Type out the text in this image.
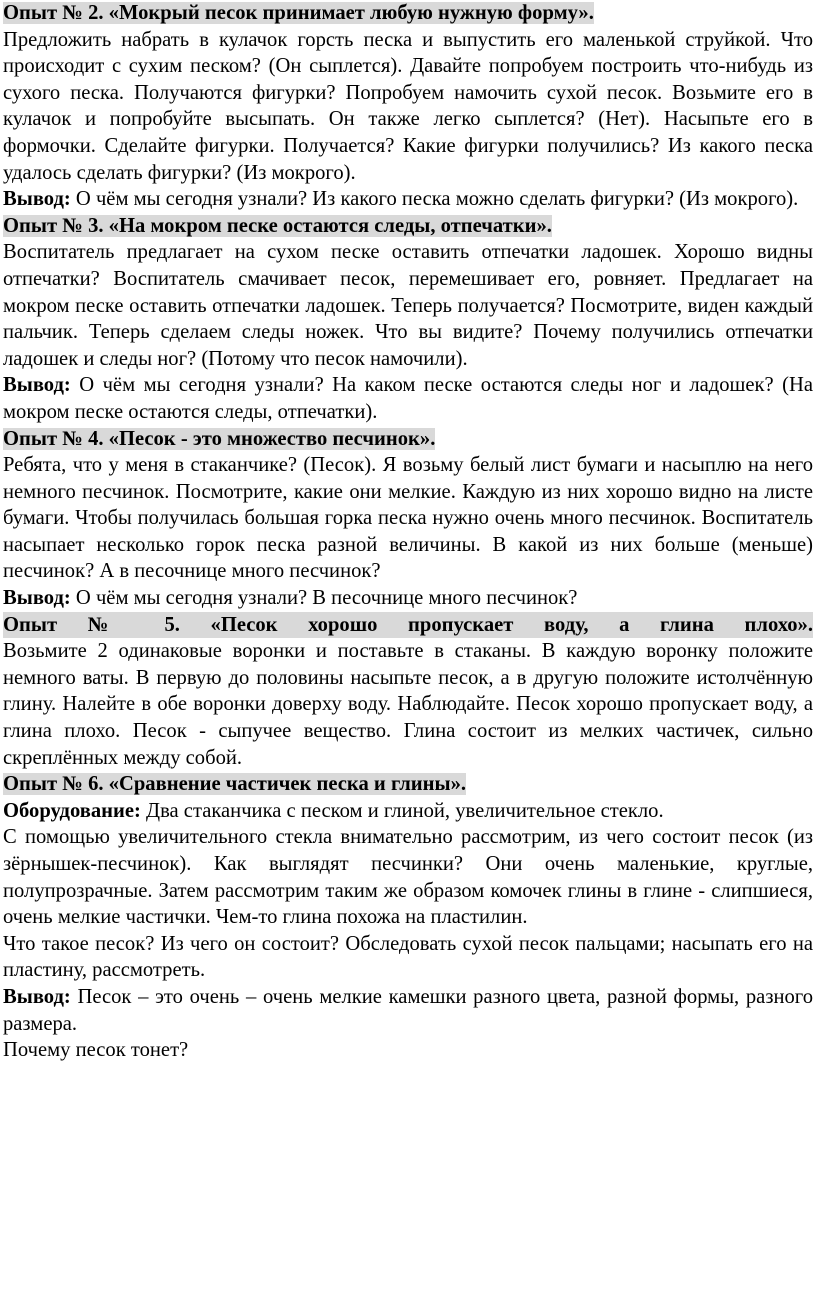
Опыт № 2. «Мокрый песок принимает любую нужную форму».

Предложить набрать в кулачок горсть песка и выпустить его маленькой струйкой. Что происходит с сухим песком? (Он сыплется). Давайте попробуем построить что-нибудь из сухого песка. Получаются фигурки? Попробуем намочить сухой песок. Возьмите его в кулачок и попробуйте высыпать. Он также легко сыплется? (Нет). Насыпьте его в формочки. Сделайте фигурки. Получается? Какие фигурки получились? Из какого песка удалось сделать фигурки? (Из мокрого).

Вывод: О чём мы сегодня узнали? Из какого песка можно сделать фигурки? (Из мокрого).

Опыт № 3. «На мокром песке остаются следы, отпечатки».

Воспитатель предлагает на сухом песке оставить отпечатки ладошек. Хорошо видны отпечатки? Воспитатель смачивает песок, перемешивает его, ровняет. Предлагает на мокром песке оставить отпечатки ладошек. Теперь получается? Посмотрите, виден каждый пальчик. Теперь сделаем следы ножек. Что вы видите? Почему получились отпечатки ладошек и следы ног? (Потому что песок намочили).

Вывод: О чём мы сегодня узнали? На каком песке остаются следы ног и ладошек? (На мокром песке остаются следы, отпечатки).

Опыт № 4. «Песок - это множество песчинок».

Ребята, что у меня в стаканчике? (Песок). Я возьму белый лист бумаги и насыплю на него немного песчинок. Посмотрите, какие они мелкие. Каждую из них хорошо видно на листе бумаги. Чтобы получилась большая горка песка нужно очень много песчинок. Воспитатель насыпает несколько горок песка разной величины. В какой из них больше (меньше) песчинок? А в песочнице много песчинок?

Вывод: О чём мы сегодня узнали? В песочнице много песчинок?

Опыт № 5. «Песок хорошо пропускает воду, а глина плохо».

Возьмите 2 одинаковые воронки и поставьте в стаканы. В каждую воронку положите немного ваты. В первую до половины насыпьте песок, а в другую положите истолчённую глину. Налейте в обе воронки доверху воду. Наблюдайте. Песок хорошо пропускает воду, а глина плохо. Песок - сыпучее вещество. Глина состоит из мелких частичек, сильно скреплённых между собой.

Опыт № 6. «Сравнение частичек песка и глины».

Оборудование: Два стаканчика с песком и глиной, увеличительное стекло.

С помощью увеличительного стекла внимательно рассмотрим, из чего состоит песок (из зёрнышек-песчинок). Как выглядят песчинки? Они очень маленькие, круглые, полупрозрачные. Затем рассмотрим таким же образом комочек глины в глине - слипшиеся, очень мелкие частички. Чем-то глина похожа на пластилин.

Что такое песок? Из чего он состоит? Обследовать сухой песок пальцами; насыпать его на пластину, рассмотреть.

Вывод: Песок – это очень – очень мелкие камешки разного цвета, разной формы, разного размера.

Почему песок тонет?
